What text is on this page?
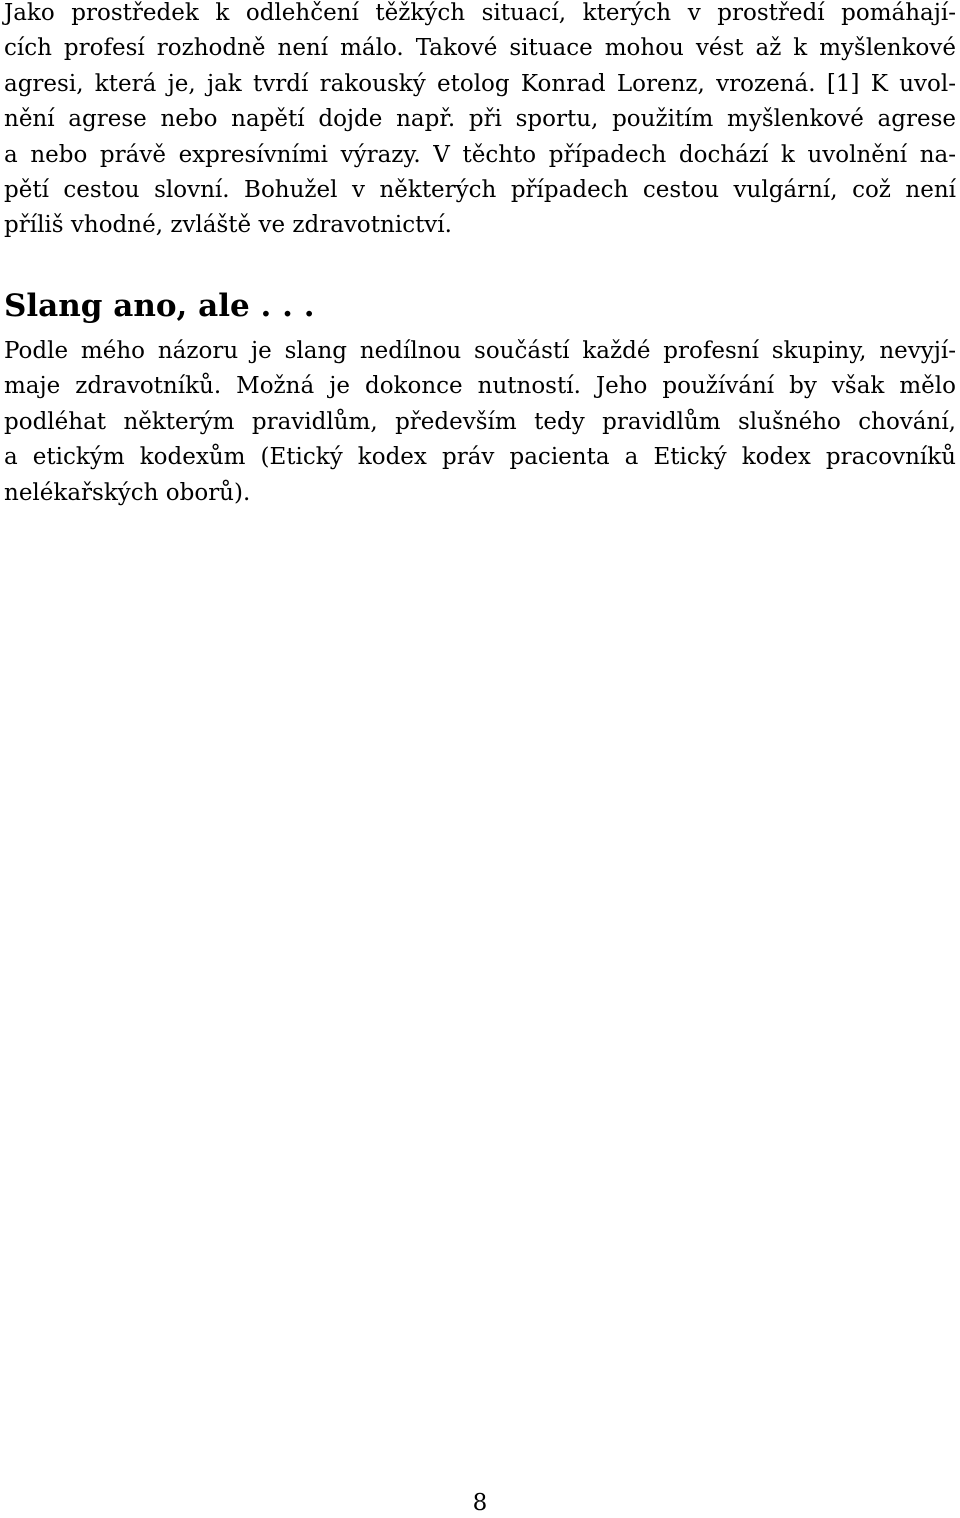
Jako prostředek k odlehčení těžkých situací, kterých v prostředí pomáhají-
cích profesí rozhodně není málo. Takové situace mohou vést až k myšlenkové
agresi, která je, jak tvrdí rakouský etolog Konrad Lorenz, vrozená. [1] K uvol-
nění agrese nebo napětí dojde např. při sportu, použitím myšlenkové agrese
a nebo právě expresívními výrazy. V těchto případech dochází k uvolnění na-
pětí cestou slovní. Bohužel v některých případech cestou vulgární, což není
příliš vhodné, zvláště ve zdravotnictví.

Slang ano, ale . . .

Podle mého názoru je slang nedílnou součástí každé profesní skupiny, nevyjí-
maje zdravotníků. Možná je dokonce nutností. Jeho používání by však mělo
podléhat některým pravidlům, především tedy pravidlům slušného chování,
a etickým kodexům (Etický kodex práv pacienta a Etický kodex pracovníků
nelékařských oborů).

8
